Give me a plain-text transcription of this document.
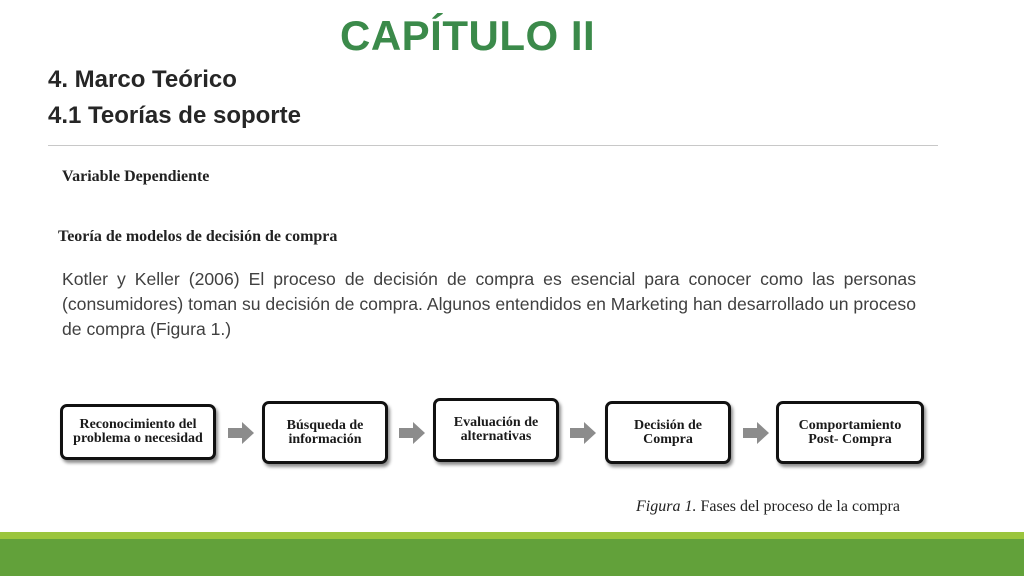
CAPÍTULO II
4. Marco Teórico
4.1 Teorías de soporte
Variable Dependiente
Teoría de modelos de decisión de compra
Kotler y Keller (2006) El proceso de decisión de compra es esencial para conocer como las personas (consumidores) toman su decisión de compra. Algunos entendidos en Marketing han desarrollado un proceso de compra (Figura 1.)
Reconocimiento del problema o necesidad
Búsqueda de información
Evaluación de alternativas
Decisión de Compra
Comportamiento Post- Compra
Figura 1. Fases del proceso de la compra
